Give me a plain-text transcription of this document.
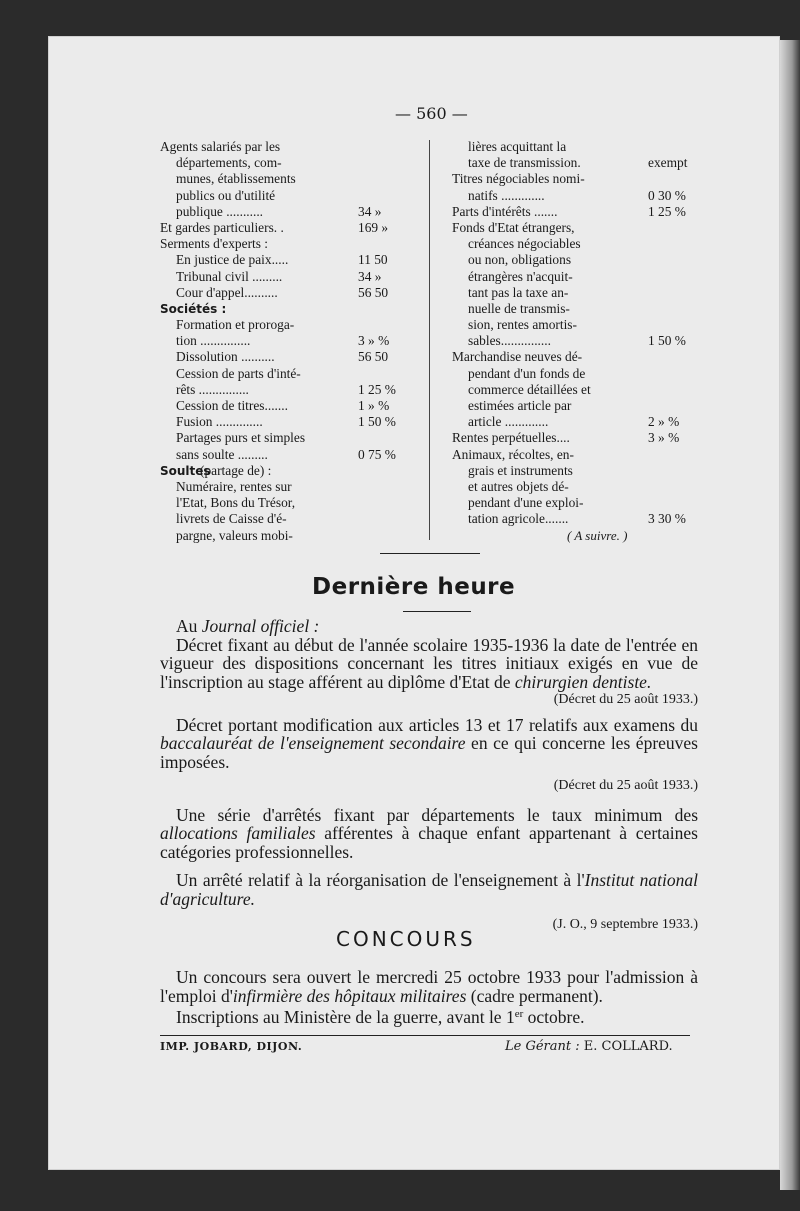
— 560 —
Agents salariés par les
départements, com-
munes, établissements
publics ou d'utilité
publique ...........	34 »
Et gardes particuliers. .	169 »
Serments d'experts :
En justice de paix.....	11 50
Tribunal civil .........	34 »
Cour d'appel..........	56 50
Sociétés :
Formation et proroga-
tion ...............	3 » %
Dissolution ..........	56 50
Cession de parts d'inté-
rêts ...............	1 25 %
Cession de titres.......	1 » %
Fusion ..............	1 50 %
Partages purs et simples
sans soulte .........	0 75 %
Soultes
(partage de) :
Numéraire, rentes sur
l'Etat, Bons du Trésor,
livrets de Caisse d'é-
pargne, valeurs mobi-
lières acquittant la
taxe de transmission.	exempt
Titres négociables nomi-
natifs .............	0 30 %
Parts d'intérêts .......	1 25 %
Fonds d'Etat étrangers,
créances négociables
ou non, obligations
étrangères n'acquit-
tant pas la taxe an-
nuelle de transmis-
sion, rentes amortis-
sables...............	1 50 %
Marchandise neuves dé-
pendant d'un fonds de
commerce détaillées et
estimées article par
article .............	2 » %
Rentes perpétuelles....	3 » %
Animaux, récoltes, en-
grais et instruments
et autres objets dé-
pendant d'une exploi-
tation agricole.......	3 30 %
( A suivre. )
Dernière heure
Au Journal officiel :
Décret fixant au début de l'année scolaire 1935-1936 la date de l'entrée en vigueur des dispositions concernant les titres initiaux exigés en vue de l'inscription au stage afférent au diplôme d'Etat de chirurgien dentiste.
(Décret du 25 août 1933.)
Décret portant modification aux articles 13 et 17 relatifs aux examens du baccalauréat de l'enseignement secondaire en ce qui concerne les épreuves imposées.
(Décret du 25 août 1933.)
Une série d'arrêtés fixant par départements le taux minimum des allocations familiales afférentes à chaque enfant appartenant à certaines catégories professionnelles.
Un arrêté relatif à la réorganisation de l'enseignement à l'Institut national d'agriculture.
(J. O., 9 septembre 1933.)
CONCOURS
Un concours sera ouvert le mercredi 25 octobre 1933 pour l'admission à l'emploi d'infirmière des hôpitaux militaires (cadre permanent).
Inscriptions au Ministère de la guerre, avant le 1er octobre.
IMP. JOBARD, DIJON.	Le Gérant : E. COLLARD.
